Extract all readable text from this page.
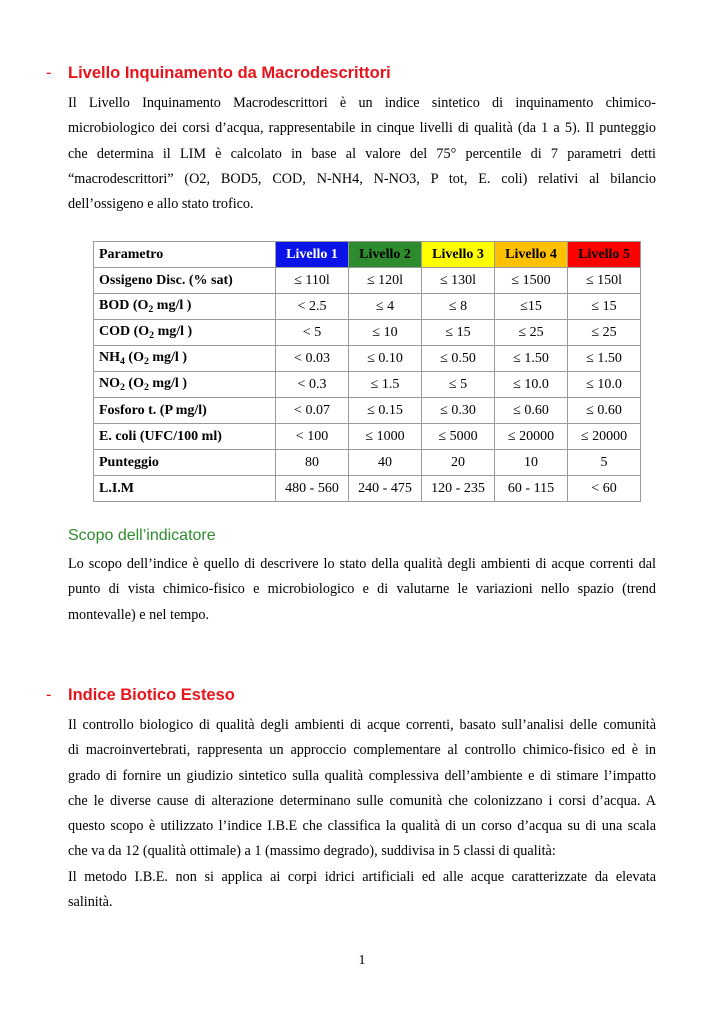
- Livello Inquinamento da Macrodescrittori
Il Livello Inquinamento Macrodescrittori è un indice sintetico di inquinamento chimico-
microbiologico dei corsi d’acqua, rappresentabile in cinque livelli di qualità (da 1 a 5). Il punteggio
che determina il LIM è calcolato in base al valore del 75° percentile di 7 parametri detti
“macrodescrittori” (O2, BOD5, COD, N-NH4, N-NO3, P tot, E. coli) relativi al bilancio
dell’ossigeno e allo stato trofico.
Parametro	Livello 1	Livello 2	Livello 3	Livello 4	Livello 5
Ossigeno Disc. (% sat)	≤ 110l	≤ 120l	≤ 130l	≤ 1500	≤ 150l
BOD ($O_2$ mg/l )	< 2.5	≤ 4	≤ 8	≤15	≤ 15
COD ($O_2$ mg/l )	< 5	≤ 10	≤ 15	≤ 25	≤ 25
$NH_4$ ($O_2$ mg/l )	< 0.03	≤ 0.10	≤ 0.50	≤ 1.50	≤ 1.50
$NO_2$ ($O_2$ mg/l )	< 0.3	≤ 1.5	≤ 5	≤ 10.0	≤ 10.0
Fosforo t. (P mg/l)	< 0.07	≤ 0.15	≤ 0.30	≤ 0.60	≤ 0.60
E. coli (UFC/100 ml)	< 100	≤ 1000	≤ 5000	≤ 20000	≤ 20000
Punteggio	80	40	20	10	5
L.I.M	480 - 560	240 - 475	120 - 235	60 - 115	< 60
Scopo dell’indicatore
Lo scopo dell’indice è quello di descrivere lo stato della qualità degli ambienti di acque correnti dal
punto di vista chimico-fisico e microbiologico e di valutarne le variazioni nello spazio (trend
montevalle) e nel tempo.
- Indice Biotico Esteso
Il controllo biologico di qualità degli ambienti di acque correnti, basato sull’analisi delle comunità
di macroinvertebrati, rappresenta un approccio complementare al controllo chimico-fisico ed è in
grado di fornire un giudizio sintetico sulla qualità complessiva dell’ambiente e di stimare l’impatto
che le diverse cause di alterazione determinano sulle comunità che colonizzano i corsi d’acqua. A
questo scopo è utilizzato l’indice I.B.E che classifica la qualità di un corso d’acqua su di una scala
che va da 12 (qualità ottimale) a 1 (massimo degrado), suddivisa in 5 classi di qualità:
Il metodo I.B.E. non si applica ai corpi idrici artificiali ed alle acque caratterizzate da elevata
salinità.
1
